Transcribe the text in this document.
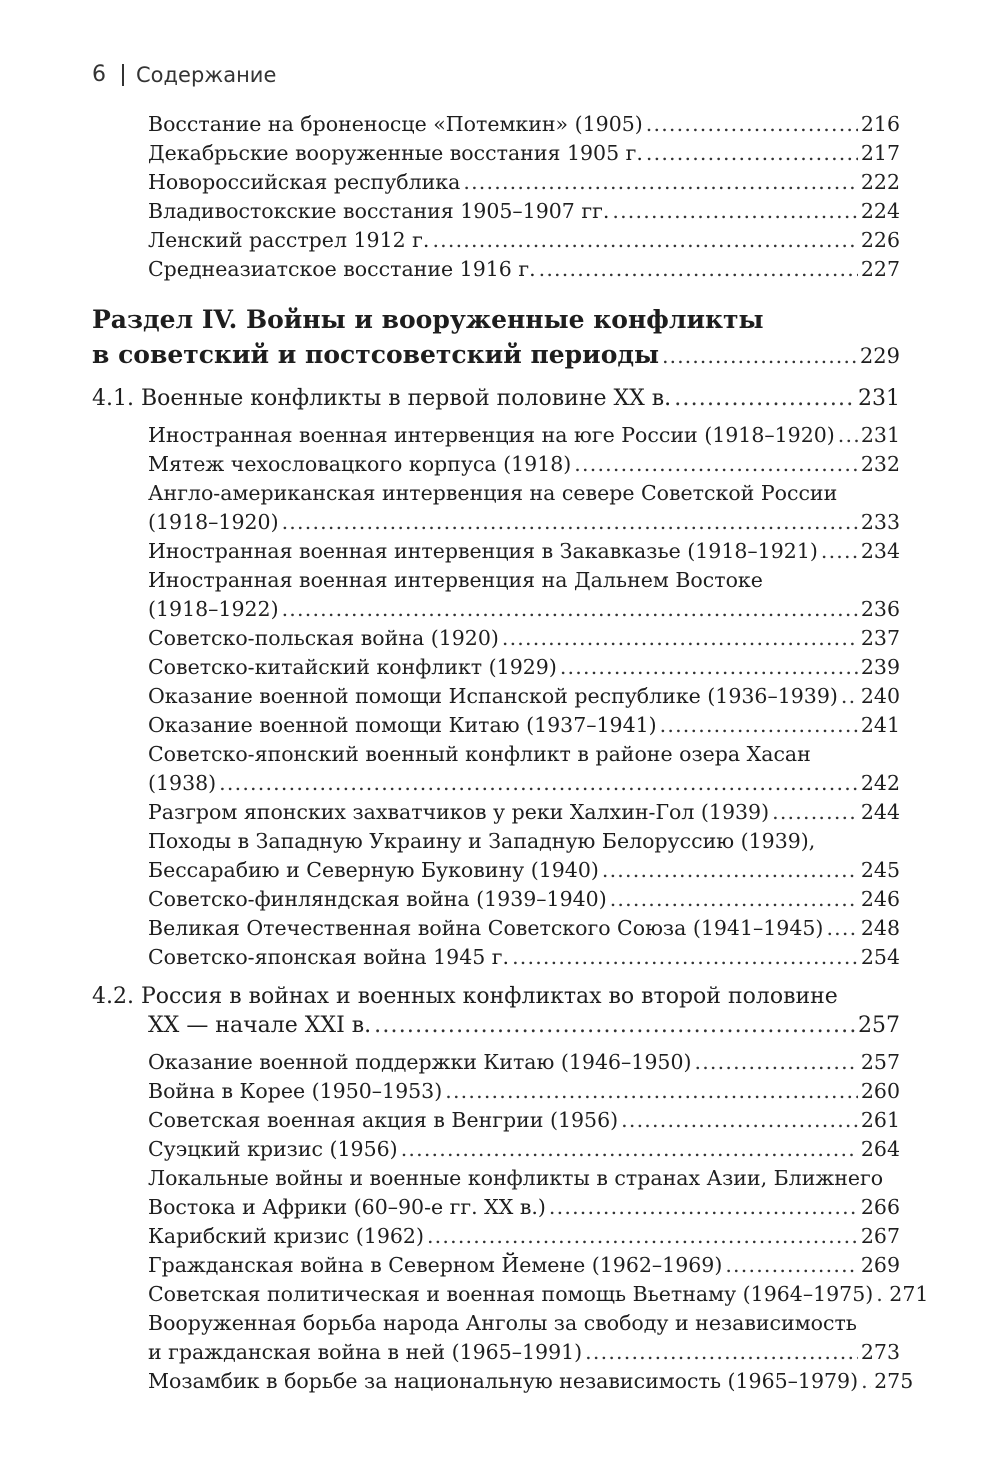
6 Содержание
Восстание на броненосце «Потемкин» (1905) .....	216
Декабрьские вооруженные восстания 1905 г. .....	217
Новороссийская республика .....	222
Владивостокские восстания 1905–1907 гг. .....	224
Ленский расстрел 1912 г. .....	226
Среднеазиатское восстание 1916 г. .....	227
Раздел IV. Войны и вооруженные конфликты
в советский и постсоветский периоды .....	229
4.1. Военные конфликты в первой половине XX в. .....	231
Иностранная военная интервенция на юге России (1918–1920) ..... 231
Мятеж чехословацкого корпуса (1918) .....	232
Англо-американская интервенция на севере Советской России
(1918–1920) .....	233
Иностранная военная интервенция в Закавказье (1918–1921) ..... 234
Иностранная военная интервенция на Дальнем Востоке
(1918–1922) .....	236
Советско-польская война (1920) .....	237
Советско-китайский конфликт (1929) .....	239
Оказание военной помощи Испанской республике (1936–1939) ..... 240
Оказание военной помощи Китаю (1937–1941) .....	241
Советско-японский военный конфликт в районе озера Хасан
(1938) .....	242
Разгром японских захватчиков у реки Халхин-Гол (1939) .....	244
Походы в Западную Украину и Западную Белоруссию (1939),
Бессарабию и Северную Буковину (1940) .....	245
Советско-финляндская война (1939–1940) .....	246
Великая Отечественная война Советского Союза (1941–1945) ..... 248
Советско-японская война 1945 г. .....	254
4.2. Россия в войнах и военных конфликтах во второй половине
XX — начале XXI в. .....	257
Оказание военной поддержки Китаю (1946–1950) .....	257
Война в Корее (1950–1953) .....	260
Советская военная акция в Венгрии (1956) .....	261
Суэцкий кризис (1956) .....	264
Локальные войны и военные конфликты в странах Азии, Ближнего
Востока и Африки (60–90-е гг. XX в.) .....	266
Карибский кризис (1962) .....	267
Гражданская война в Северном Йемене (1962–1969) .....	269
Советская политическая и военная помощь Вьетнаму (1964–1975) ..... 271
Вооруженная борьба народа Анголы за свободу и независимость
и гражданская война в ней (1965–1991) .....	273
Мозамбик в борьбе за национальную независимость (1965–1979) ..... 275
